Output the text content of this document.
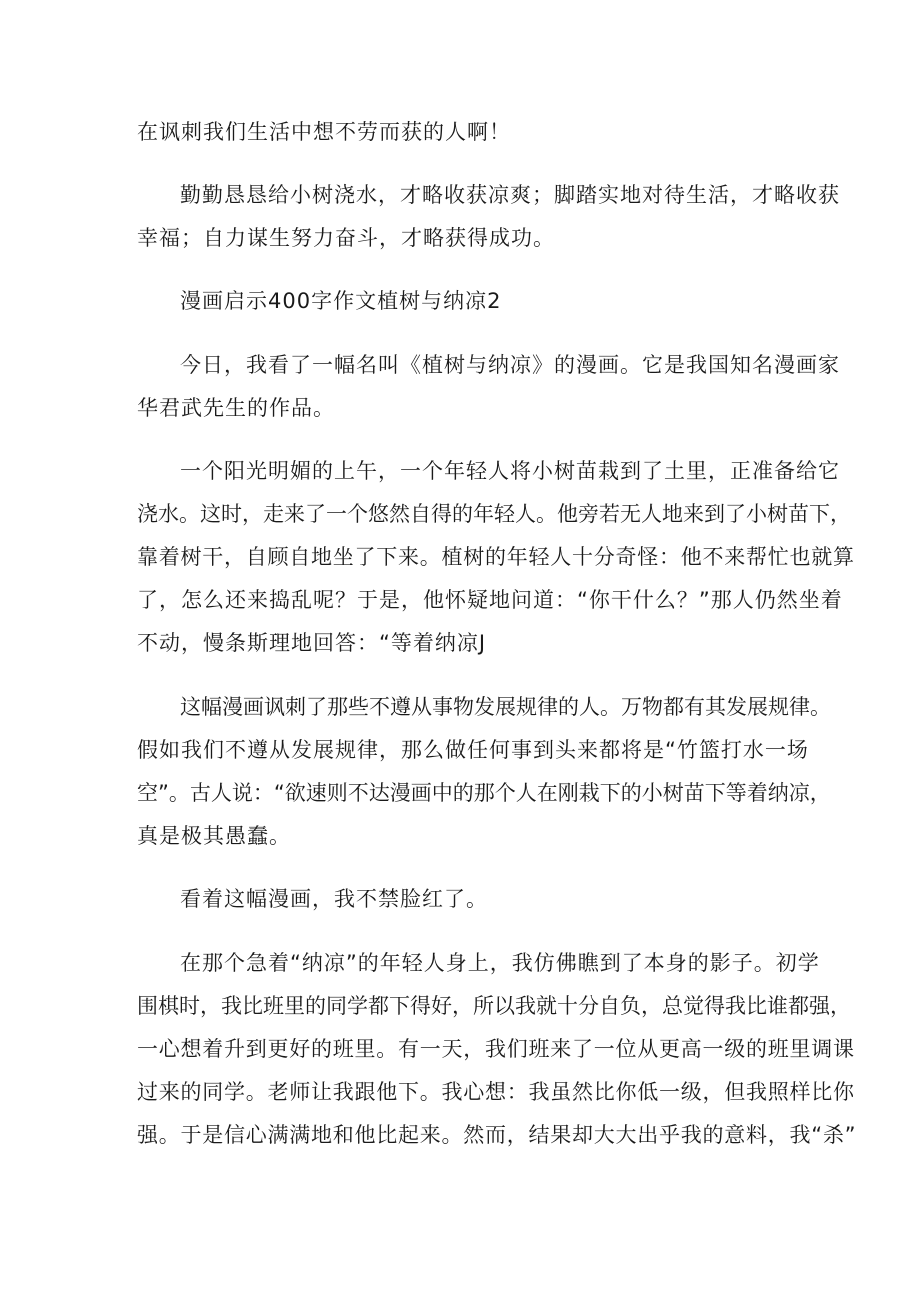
在讽刺我们生活中想不劳而获的人啊！
勤勤恳恳给小树浇水，才略收获凉爽；脚踏实地对待生活，才略收获
幸福；自力谋生努力奋斗，才略获得成功。
漫画启示400字作文植树与纳凉2
今日，我看了一幅名叫《植树与纳凉》的漫画。它是我国知名漫画家
华君武先生的作品。
一个阳光明媚的上午，一个年轻人将小树苗栽到了土里，正准备给它
浇水。这时，走来了一个悠然自得的年轻人。他旁若无人地来到了小树苗下，
靠着树干，自顾自地坐了下来。植树的年轻人十分奇怪：他不来帮忙也就算
了，怎么还来捣乱呢？于是，他怀疑地问道：“你干什么？”那人仍然坐着
不动，慢条斯理地回答：“等着纳凉J
这幅漫画讽刺了那些不遵从事物发展规律的人。万物都有其发展规律。
假如我们不遵从发展规律，那么做任何事到头来都将是“竹篮打水一场
空”。古人说：“欲速则不达漫画中的那个人在刚栽下的小树苗下等着纳凉，
真是极其愚蠢。
看着这幅漫画，我不禁脸红了。
在那个急着“纳凉”的年轻人身上，我仿佛瞧到了本身的影子。初学
围棋时，我比班里的同学都下得好，所以我就十分自负，总觉得我比谁都强，
一心想着升到更好的班里。有一天，我们班来了一位从更高一级的班里调课
过来的同学。老师让我跟他下。我心想：我虽然比你低一级，但我照样比你
强。于是信心满满地和他比起来。然而，结果却大大出乎我的意料，我“杀”
